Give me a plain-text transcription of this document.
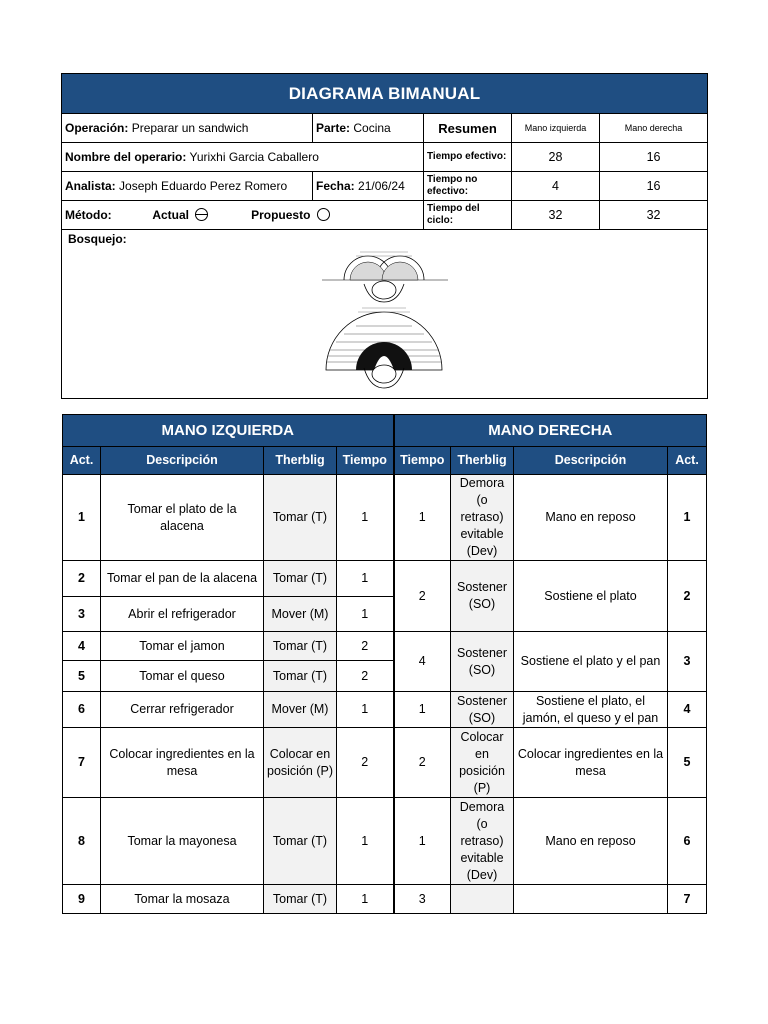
DIAGRAMA BIMANUAL				
Operación: Preparar un sandwich	Parte: Cocina	Resumen	Mano izquierda	Mano derecha
Nombre del operario: Yurixhi Garcia Caballero		Tiempo efectivo:	28	16
Analista: Joseph Eduardo Perez Romero	Fecha: 21/06/24	Tiempo no efectivo:	4	16
Método: Actual Propuesto		Tiempo del ciclo:	32	32
Bosquejo:				
MANO IZQUIERDA				MANO DERECHA			
Act.	Descripción	Therblig	Tiempo	Tiempo	Therblig	Descripción	Act.
1	Tomar el plato de la alacena	Tomar (T)	1	1	Demora (o retraso) evitable (Dev)	Mano en reposo	1
2	Tomar el pan de la alacena	Tomar (T)	1	2	Sostener (SO)	Sostiene el plato	2
3	Abrir el refrigerador	Mover (M)	1				
4	Tomar el jamon	Tomar (T)	2	4	Sostener (SO)	Sostiene el plato y el pan	3
5	Tomar el queso	Tomar (T)	2				
6	Cerrar refrigerador	Mover (M)	1	1	Sostener (SO)	Sostiene el plato, el jamón, el queso y el pan	4
7	Colocar ingredientes en la mesa	Colocar en posición (P)	2	2	Colocar en posición (P)	Colocar ingredientes en la mesa	5
8	Tomar la mayonesa	Tomar (T)	1	1	Demora (o retraso) evitable (Dev)	Mano en reposo	6
9	Tomar la mosaza	Tomar (T)	1	3			7
